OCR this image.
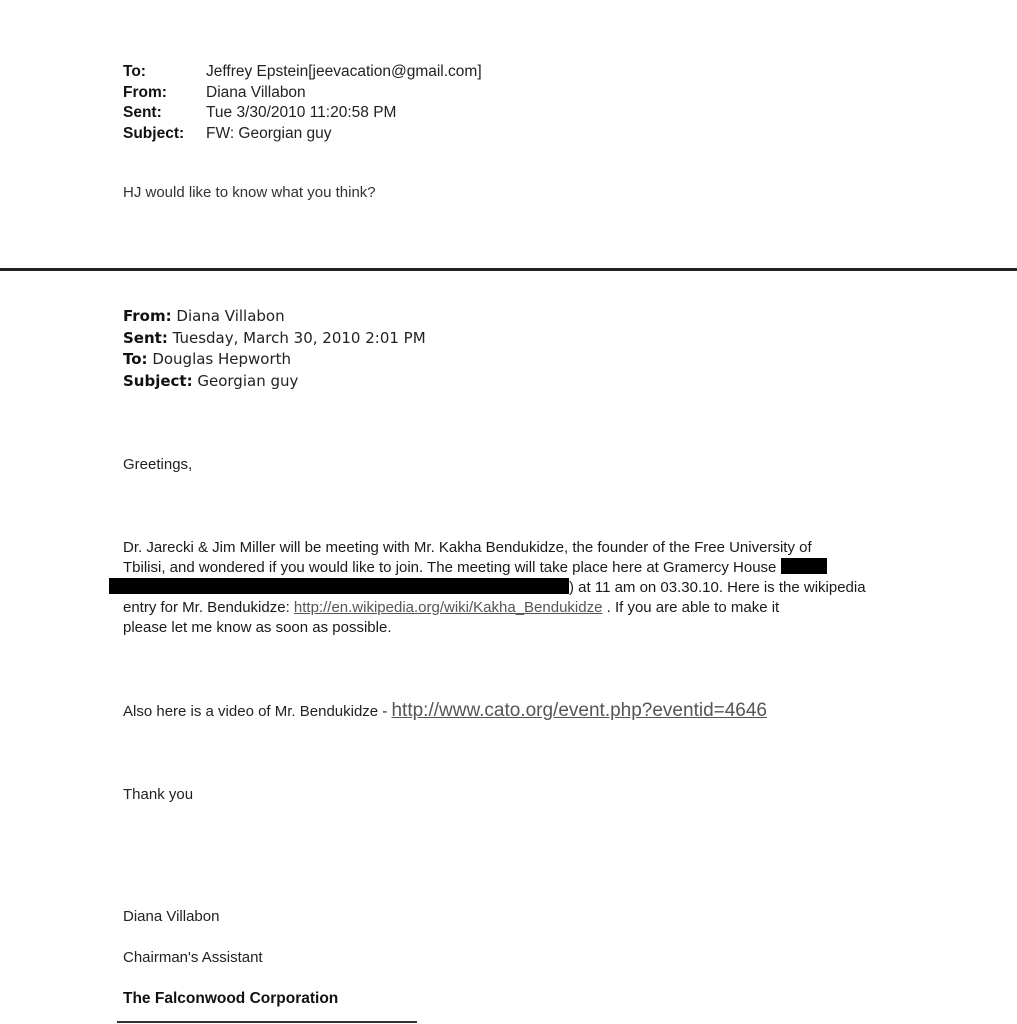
To:	Jeffrey Epstein[jeevacation@gmail.com]
From:	Diana Villabon
Sent:	Tue 3/30/2010 11:20:58 PM
Subject:	FW: Georgian guy
HJ would like to know what you think?
From: Diana Villabon
Sent: Tuesday, March 30, 2010 2:01 PM
To: Douglas Hepworth
Subject: Georgian guy
Greetings,
Dr. Jarecki & Jim Miller will be meeting with Mr. Kakha Bendukidze, the founder of the Free University of
Tbilisi, and wondered if you would like to join. The meeting will take place here at Gramercy House
) at 11 am on 03.30.10. Here is the wikipedia
entry for Mr. Bendukidze: http://en.wikipedia.org/wiki/Kakha_Bendukidze . If you are able to make it
please let me know as soon as possible.
Also here is a video of Mr. Bendukidze - http://www.cato.org/event.php?eventid=4646
Thank you
Diana Villabon
Chairman's Assistant
The Falconwood Corporation
